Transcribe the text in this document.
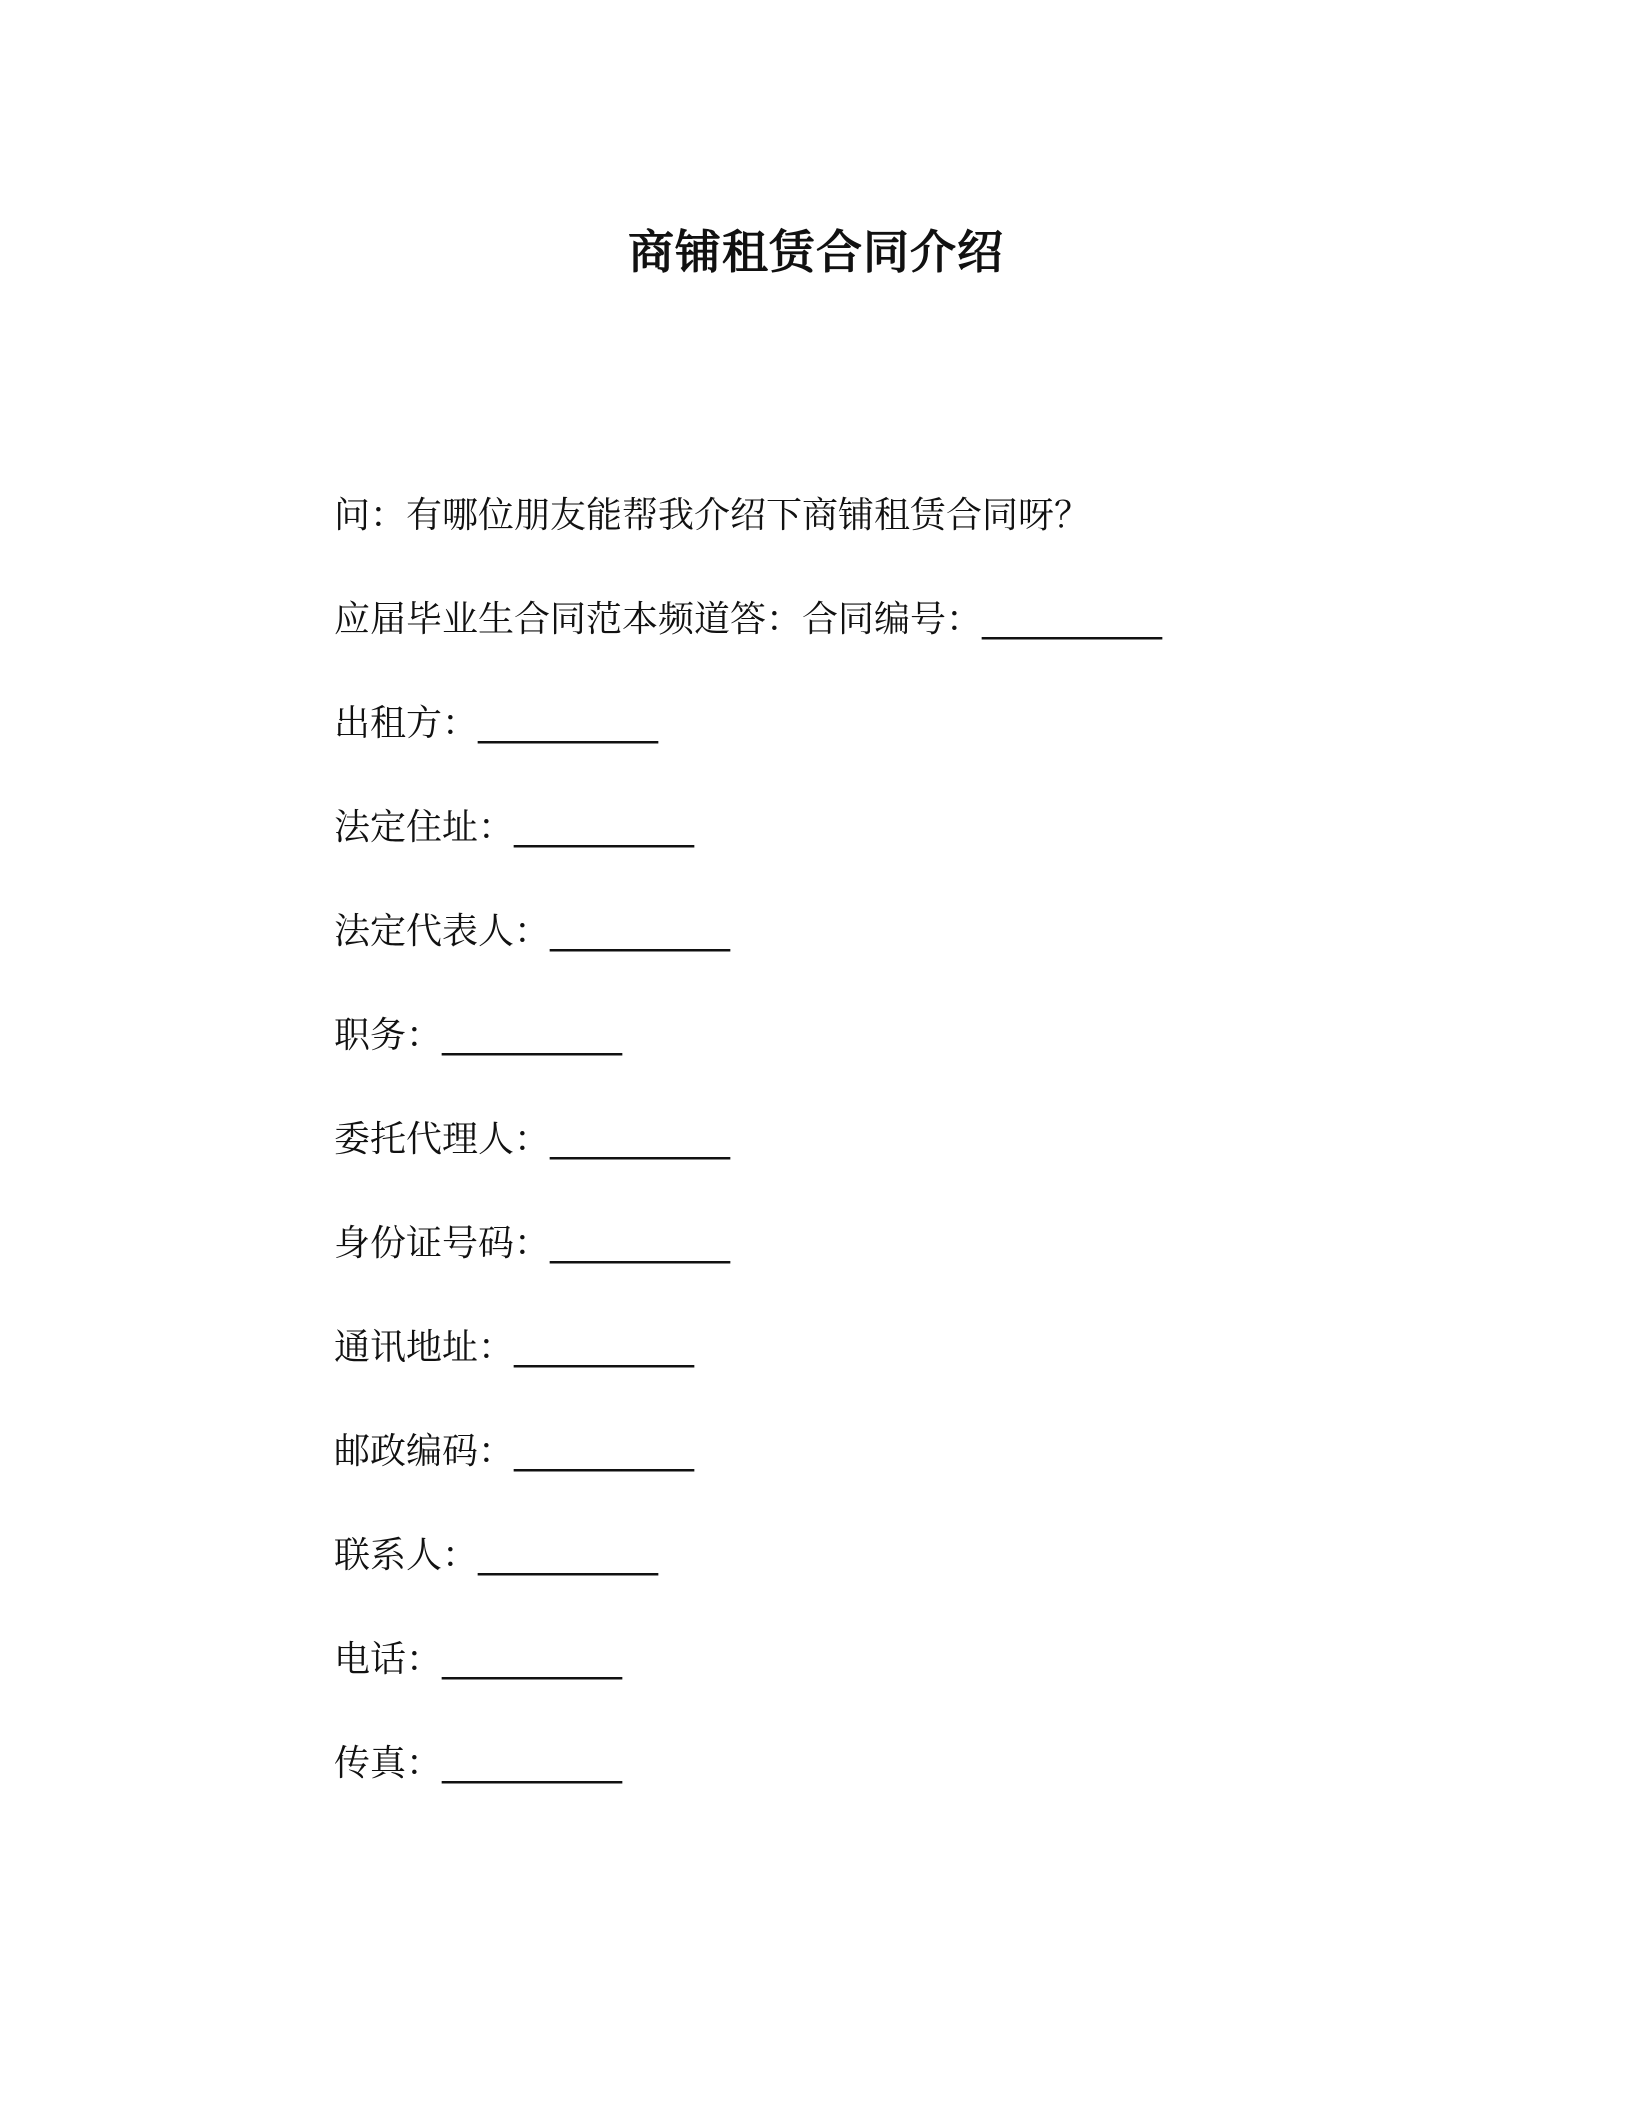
商铺租赁合同介绍

问：有哪位朋友能帮我介绍下商铺租赁合同呀？

应届毕业生合同范本频道答：合同编号：__________

出租方：__________

法定住址：__________

法定代表人：__________

职务：__________

委托代理人：__________

身份证号码：__________

通讯地址：__________

邮政编码：__________

联系人：__________

电话：__________

传真：__________
